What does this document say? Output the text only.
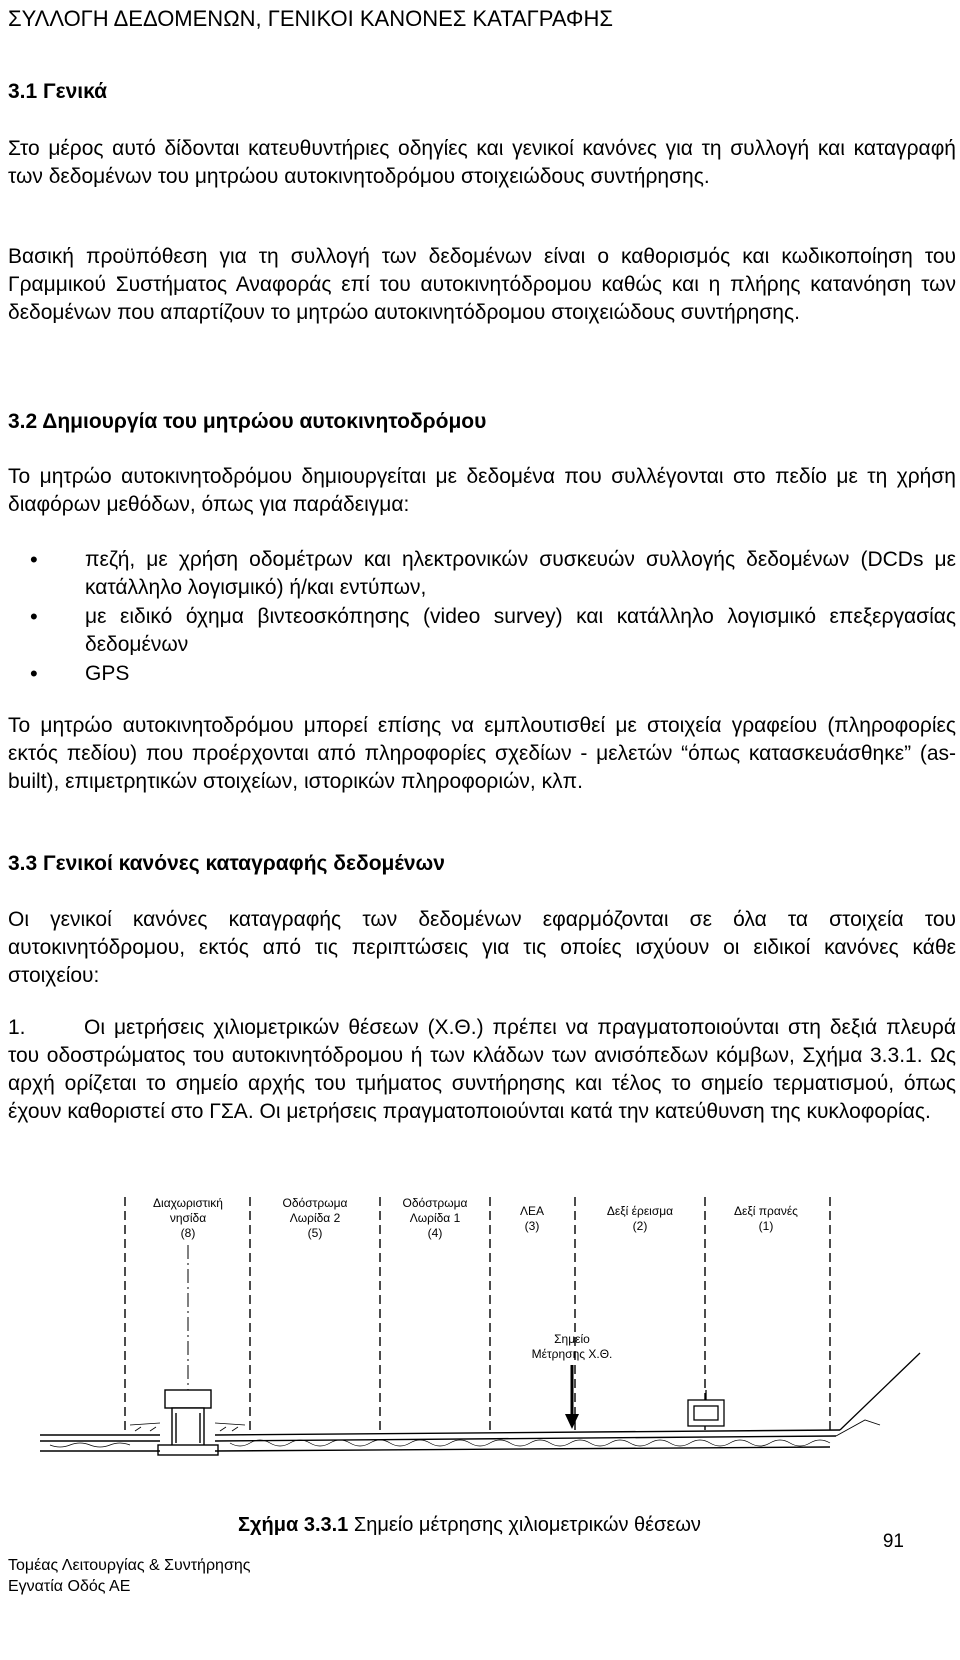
ΣΥΛΛΟΓΗ ΔΕΔΟΜΕΝΩΝ, ΓΕΝΙΚΟΙ ΚΑΝΟΝΕΣ ΚΑΤΑΓΡΑΦΗΣ
3.1 Γενικά
Στο μέρος αυτό δίδονται κατευθυντήριες οδηγίες και γενικοί κανόνες για τη συλλογή και καταγραφή των δεδομένων του μητρώου αυτοκινητοδρόμου στοιχειώδους συντήρησης.
Βασική προϋπόθεση για τη συλλογή των δεδομένων είναι ο καθορισμός και κωδικοποίηση του Γραμμικού Συστήματος Αναφοράς επί του αυτοκινητόδρομου καθώς και η πλήρης κατανόηση των δεδομένων που απαρτίζουν το μητρώο αυτοκινητόδρομου στοιχειώδους συντήρησης.
3.2 Δημιουργία του μητρώου αυτοκινητοδρόμου
Το μητρώο αυτοκινητοδρόμου δημιουργείται με δεδομένα που συλλέγονται στο πεδίο με τη χρήση διαφόρων μεθόδων, όπως για παράδειγμα:
•	πεζή, με χρήση οδομέτρων και ηλεκτρονικών συσκευών συλλογής δεδομένων (DCDs με κατάλληλο λογισμικό) ή/και εντύπων,
•	με ειδικό όχημα βιντεοσκόπησης (video survey) και κατάλληλο λογισμικό επεξεργασίας δεδομένων
•	GPS
Το μητρώο αυτοκινητοδρόμου μπορεί επίσης να εμπλουτισθεί με στοιχεία γραφείου (πληροφορίες εκτός πεδίου) που προέρχονται από πληροφορίες σχεδίων - μελετών “όπως κατασκευάσθηκε” (as-built), επιμετρητικών στοιχείων, ιστορικών πληροφοριών, κλπ.
3.3 Γενικοί κανόνες καταγραφής δεδομένων
Οι γενικοί κανόνες καταγραφής των δεδομένων εφαρμόζονται σε όλα τα στοιχεία του αυτοκινητόδρομου, εκτός από τις περιπτώσεις για τις οποίες ισχύουν οι ειδικοί κανόνες κάθε στοιχείου:
1.	Οι μετρήσεις χιλιομετρικών θέσεων (Χ.Θ.) πρέπει να πραγματοποιούνται στη δεξιά πλευρά του οδοστρώματος του αυτοκινητόδρομου ή των κλάδων των ανισόπεδων κόμβων, Σχήμα 3.3.1. Ως αρχή ορίζεται το σημείο αρχής του τμήματος συντήρησης και τέλος το σημείο τερματισμού, όπως έχουν καθοριστεί στο ΓΣΑ. Οι μετρήσεις πραγματοποιούνται κατά την κατεύθυνση της κυκλοφορίας.
Διαχωριστική
νησίδα
(8)
Οδόστρωμα
Λωρίδα 2
(5)
Οδόστρωμα
Λωρίδα 1
(4)
ΛΕΑ
(3)
Δεξί έρεισμα
(2)
Δεξί πρανές
(1)
Σημείο
Μέτρησης Χ.Θ.
Σχήμα 3.3.1 Σημείο μέτρησης χιλιομετρικών θέσεων
Τομέας Λειτουργίας & Συντήρησης
Εγνατία Οδός ΑΕ
91
